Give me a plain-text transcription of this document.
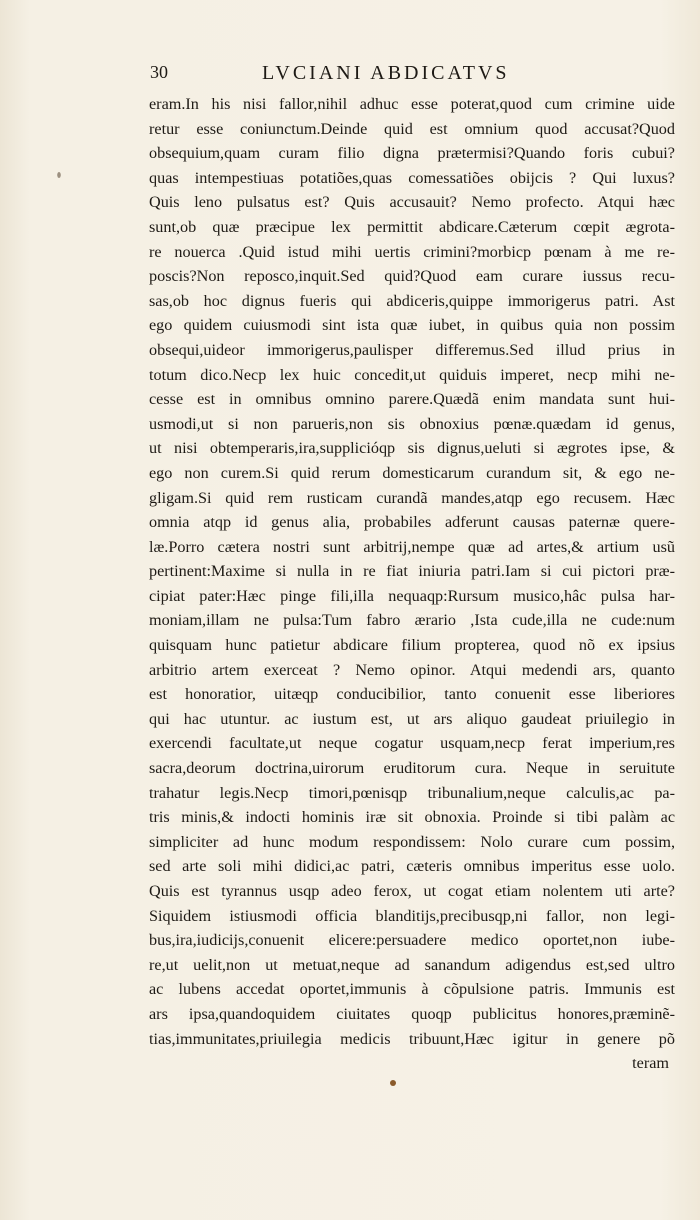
30	LVCIANI ABDICATVS
eram.In his nisi fallor,nihil adhuc esse poterat,quod cum crimine uide
retur esse coniunctum.Deinde quid est omnium quod accusat?Quod
obsequium,quam curam filio digna prætermisi?Quando foris cubui?
quas intempestiuas potatiões,quas comessatiões obijcis ? Qui luxus?
Quis leno pulsatus est? Quis accusauit? Nemo profecto. Atqui hæc
sunt,ob quæ præcipue lex permittit abdicare.Cæterum cœpit ægrota-
re nouerca .Quid istud mihi uertis crimini?morbicp pœnam à me re-
poscis?Non reposco,inquit.Sed quid?Quod eam curare iussus recu-
sas,ob hoc dignus fueris qui abdiceris,quippe immorigerus patri. Ast
ego quidem cuiusmodi sint ista quæ iubet, in quibus quia non possim
obsequi,uideor immorigerus,paulisper differemus.Sed illud prius in
totum dico.Necp lex huic concedit,ut quiduis imperet, necp mihi ne-
cesse est in omnibus omnino parere.Quædã enim mandata sunt hui-
usmodi,ut si non parueris,non sis obnoxius pœnæ.quædam id genus,
ut nisi obtemperaris,ira,supplicióqp sis dignus,ueluti si ægrotes ipse, &
ego non curem.Si quid rerum domesticarum curandum sit, & ego ne-
gligam.Si quid rem rusticam curandã mandes,atqp ego recusem. Hæc
omnia atqp id genus alia, probabiles adferunt causas paternæ quere-
læ.Porro cætera nostri sunt arbitrij,nempe quæ ad artes,& artium usũ
pertinent:Maxime si nulla in re fiat iniuria patri.Iam si cui pictori præ-
cipiat pater:Hæc pinge fili,illa nequaqp:Rursum musico,hâc pulsa har-
moniam,illam ne pulsa:Tum fabro ærario ,Ista cude,illa ne cude:num
quisquam hunc patietur abdicare filium propterea, quod nõ ex ipsius
arbitrio artem exerceat ? Nemo opinor. Atqui medendi ars, quanto
est honoratior, uitæqp conducibilior, tanto conuenit esse liberiores
qui hac utuntur. ac iustum est, ut ars aliquo gaudeat priuilegio in
exercendi facultate,ut neque cogatur usquam,necp ferat imperium,res
sacra,deorum doctrina,uirorum eruditorum cura. Neque in seruitute
trahatur legis.Necp timori,pœnisqp tribunalium,neque calculis,ac pa-
tris minis,& indocti hominis iræ sit obnoxia. Proinde si tibi palàm ac
simpliciter ad hunc modum respondissem: Nolo curare cum possim,
sed arte soli mihi didici,ac patri, cæteris omnibus imperitus esse uolo.
Quis est tyrannus usqp adeo ferox, ut cogat etiam nolentem uti arte?
Siquidem istiusmodi officia blanditijs,precibusqp,ni fallor, non legi-
bus,ira,iudicijs,conuenit elicere:persuadere medico oportet,non iube-
re,ut uelit,non ut metuat,neque ad sanandum adigendus est,sed ultro
ac lubens accedat oportet,immunis à cõpulsione patris. Immunis est
ars ipsa,quandoquidem ciuitates quoqp publicitus honores,præminẽ-
tias,immunitates,priuilegia medicis tribuunt,Hæc igitur in genere põ
teram
